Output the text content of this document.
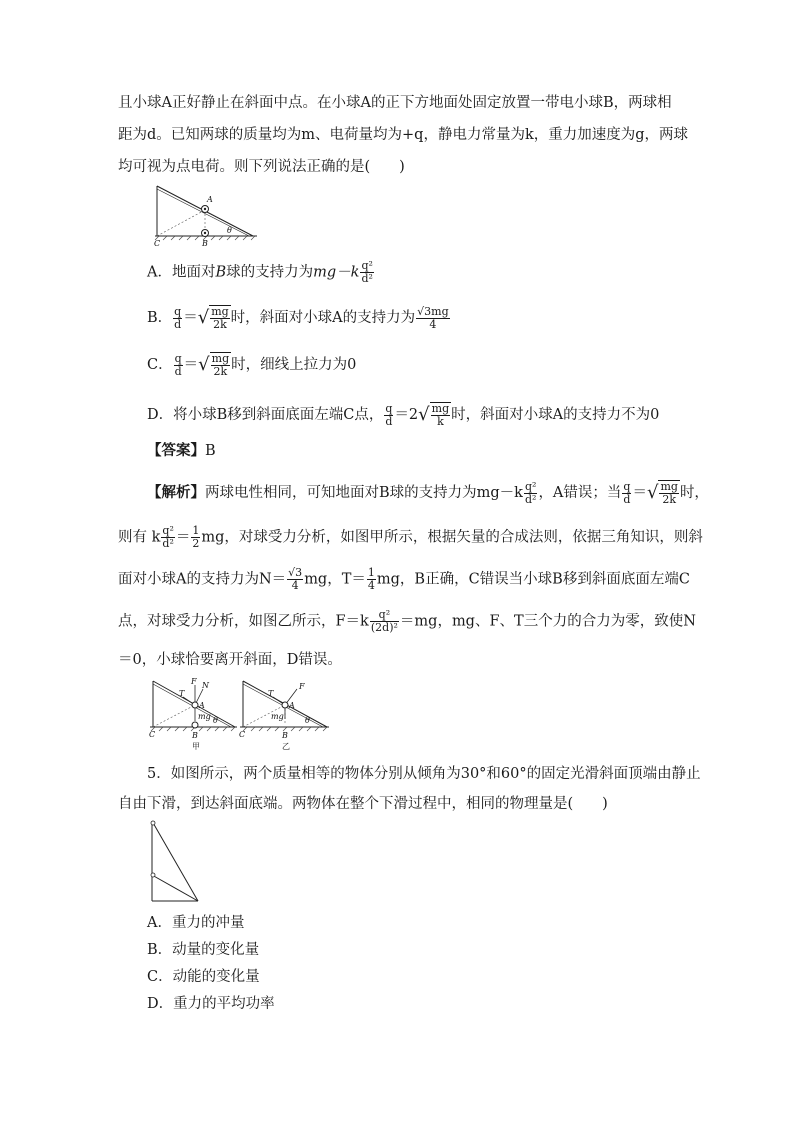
且小球A正好静止在斜面中点。在小球A的正下方地面处固定放置一带电小球B，两球相
距为d。已知两球的质量均为m、电荷量均为+q，静电力常量为k，重力加速度为g，两球
均可视为点电荷。则下列说法正确的是(　　)
A
B
C
θ
A．地面对B球的支持力为$mg-k \frac{\text{q²}}{\text{d²}}$
B． $\frac{q}{d}$ ＝√ $\frac{mg}{2k}$ 时，斜面对小球A的支持力为 $\frac{√3mg}{4}$
C． $\frac{q}{d}$ ＝√ $\frac{mg}{2k}$ 时，细线上拉力为0
D．将小球B移到斜面底面左端C点， $\frac{q}{d} =2√ \frac{mg}{k}$ 时，斜面对小球A的支持力不为0
【答案】B
【解析】两球电性相同，可知地面对B球的支持力为$mg-k \frac{\text{q²}}{\text{d²}}$ ，A错误；当 $\frac{q}{d}$ ＝√ $\frac{mg}{2k}$ 时，
则有 k $\frac{\text{q²}}{\text{d²}} = \frac{1}{2}$ mg，对球受力分析，如图甲所示，根据矢量的合成法则，依据三角知识，则斜
面对小球A的支持力为$N= \frac{√3}{4}$ mg，$T= \frac{1}{4}$ mg，B正确，C错误当小球B移到斜面底面左端C
点，对球受力分析，如图乙所示，$F=k \frac{\text{q²}}{\text{(2d)²}} =mg$，mg、F、T三个力的合力为零，致使N
＝0，小球恰要离开斜面，D错误。
F N
T
A
mg θ
C	B
甲
F
T
A
mg	θ
C	B
乙
5．如图所示，两个质量相等的物体分别从倾角为30°和60°的固定光滑斜面顶端由静止
自由下滑，到达斜面底端。两物体在整个下滑过程中，相同的物理量是(　　)
A．重力的冲量
B．动量的变化量
C．动能的变化量
D．重力的平均功率
